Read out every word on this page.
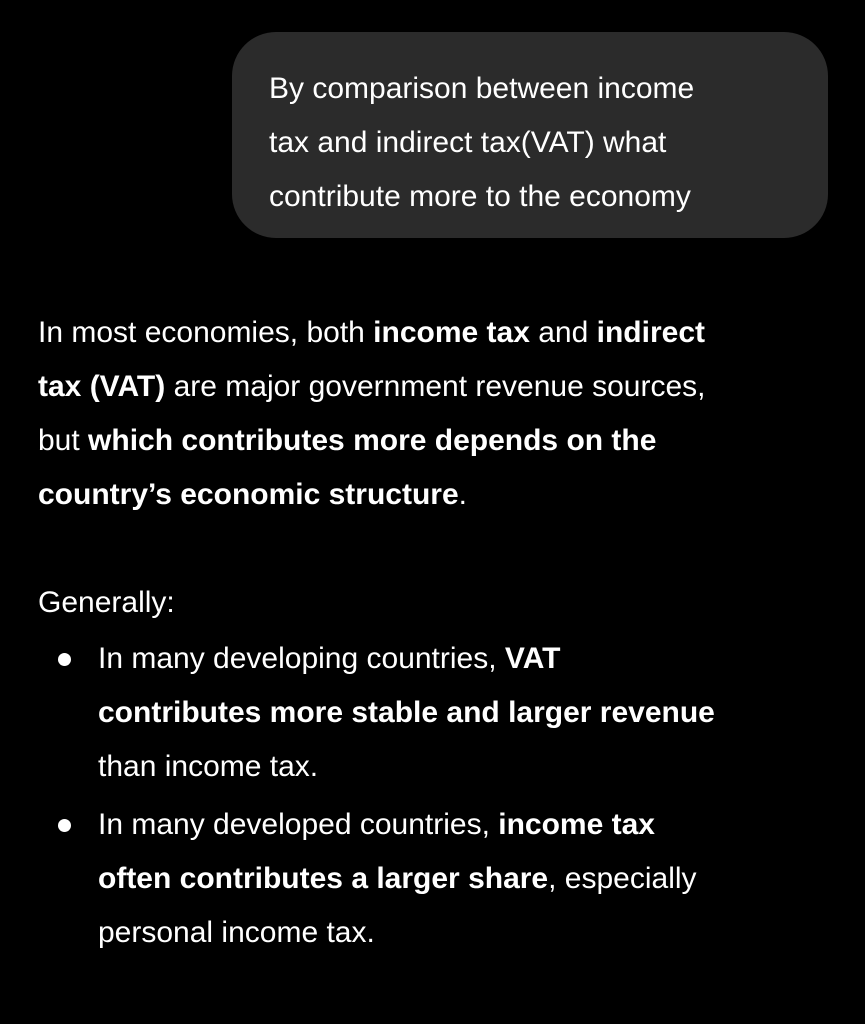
By comparison between income
tax and indirect tax(VAT) what
contribute more to the economy
In most economies, both income tax and indirect
tax (VAT) are major government revenue sources,
but which contributes more depends on the
country’s economic structure.
Generally:
In many developing countries, VAT
contributes more stable and larger revenue
than income tax.
In many developed countries, income tax
often contributes a larger share, especially
personal income tax.
